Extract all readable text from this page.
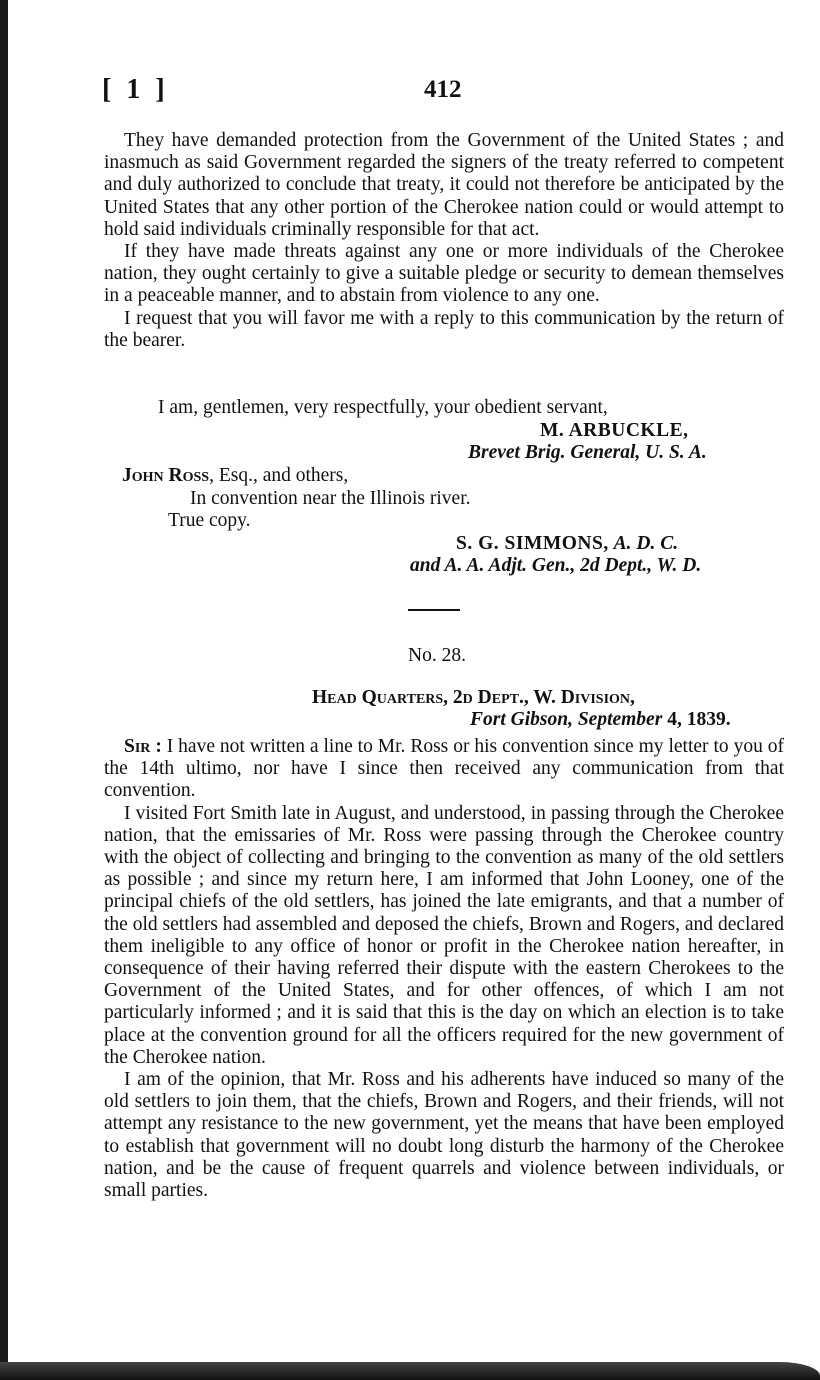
[ 1 ]	412

They have demanded protection from the Government of the United States ; and inasmuch as said Government regarded the signers of the treaty referred to competent and duly authorized to conclude that treaty, it could not therefore be anticipated by the United States that any other portion of the Cherokee nation could or would attempt to hold said individuals criminally responsible for that act.

If they have made threats against any one or more individuals of the Cherokee nation, they ought certainly to give a suitable pledge or security to demean themselves in a peaceable manner, and to abstain from violence to any one.

I request that you will favor me with a reply to this communication by the return of the bearer.

I am, gentlemen, very respectfully, your obedient servant,
M. ARBUCKLE,
Brevet Brig. General, U. S. A.
John Ross, Esq., and others,
In convention near the Illinois river.
True copy.
S. G. SIMMONS, A. D. C.
and A. A. Adjt. Gen., 2d Dept., W. D.
No. 28.
Head Quarters, 2d Dept., W. Division,
Fort Gibson, September 4, 1839.

Sir : I have not written a line to Mr. Ross or his convention since my letter to you of the 14th ultimo, nor have I since then received any communication from that convention.

I visited Fort Smith late in August, and understood, in passing through the Cherokee nation, that the emissaries of Mr. Ross were passing through the Cherokee country with the object of collecting and bringing to the convention as many of the old settlers as possible ; and since my return here, I am informed that John Looney, one of the principal chiefs of the old settlers, has joined the late emigrants, and that a number of the old settlers had assembled and deposed the chiefs, Brown and Rogers, and declared them ineligible to any office of honor or profit in the Cherokee nation hereafter, in consequence of their having referred their dispute with the eastern Cherokees to the Government of the United States, and for other offences, of which I am not particularly informed ; and it is said that this is the day on which an election is to take place at the convention ground for all the officers required for the new government of the Cherokee nation.

I am of the opinion, that Mr. Ross and his adherents have induced so many of the old settlers to join them, that the chiefs, Brown and Rogers, and their friends, will not attempt any resistance to the new government, yet the means that have been employed to establish that government will no doubt long disturb the harmony of the Cherokee nation, and be the cause of frequent quarrels and violence between individuals, or small parties.
